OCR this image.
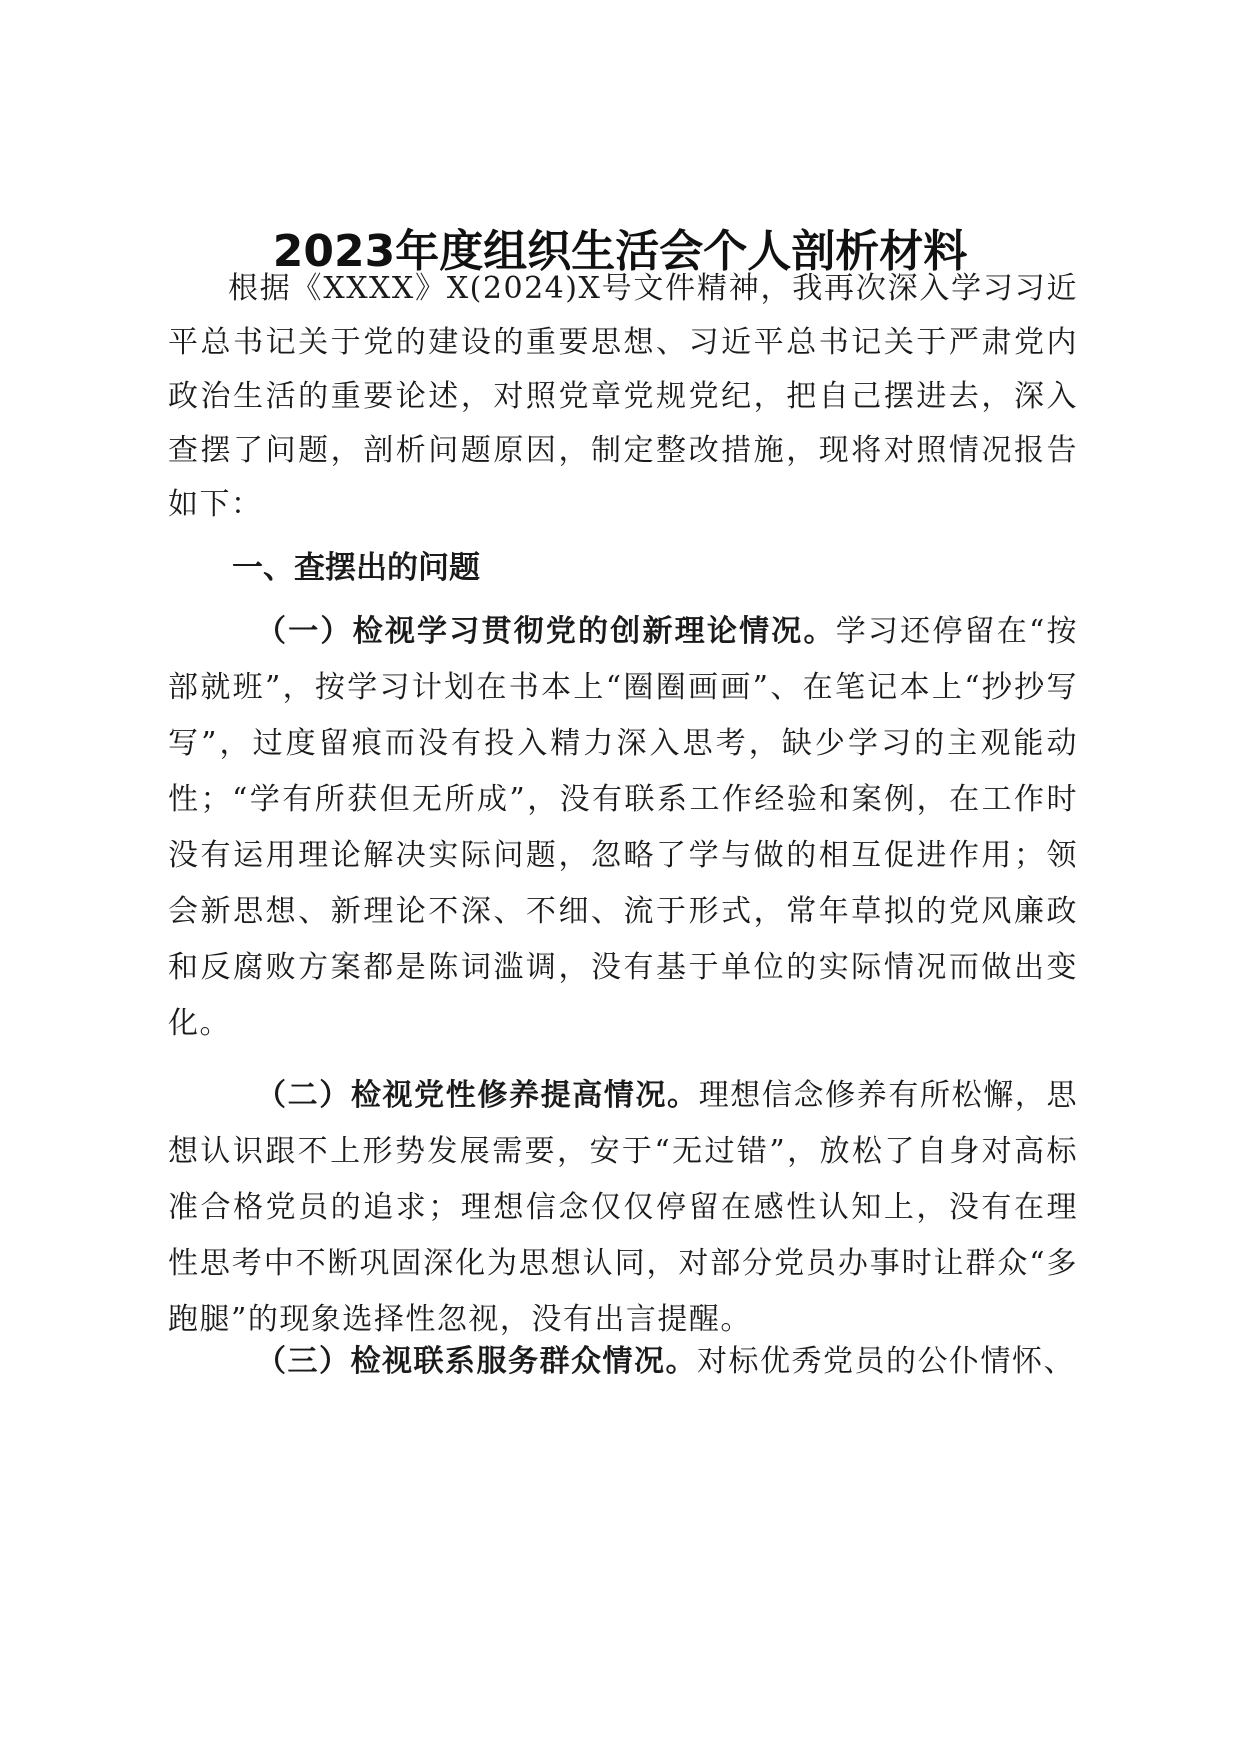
2023年度组织生活会个人剖析材料

根据《XXXX》X(2024)X号文件精神，我再次深入学习习近平总书记关于党的建设的重要思想、习近平总书记关于严肃党内政治生活的重要论述，对照党章党规党纪，把自己摆进去，深入查摆了问题，剖析问题原因，制定整改措施，现将对照情况报告如下：

一、查摆出的问题

（一）检视学习贯彻党的创新理论情况。学习还停留在“按部就班”，按学习计划在书本上“圈圈画画”、在笔记本上“抄抄写写”，过度留痕而没有投入精力深入思考，缺少学习的主观能动性；“学有所获但无所成”，没有联系工作经验和案例，在工作时没有运用理论解决实际问题，忽略了学与做的相互促进作用；领会新思想、新理论不深、不细、流于形式，常年草拟的党风廉政和反腐败方案都是陈词滥调，没有基于单位的实际情况而做出变化。

（二）检视党性修养提高情况。理想信念修养有所松懈，思想认识跟不上形势发展需要，安于“无过错”，放松了自身对高标准合格党员的追求；理想信念仅仅停留在感性认知上，没有在理性思考中不断巩固深化为思想认同，对部分党员办事时让群众“多跑腿”的现象选择性忽视，没有出言提醒。

（三）检视联系服务群众情况。对标优秀党员的公仆情怀、
